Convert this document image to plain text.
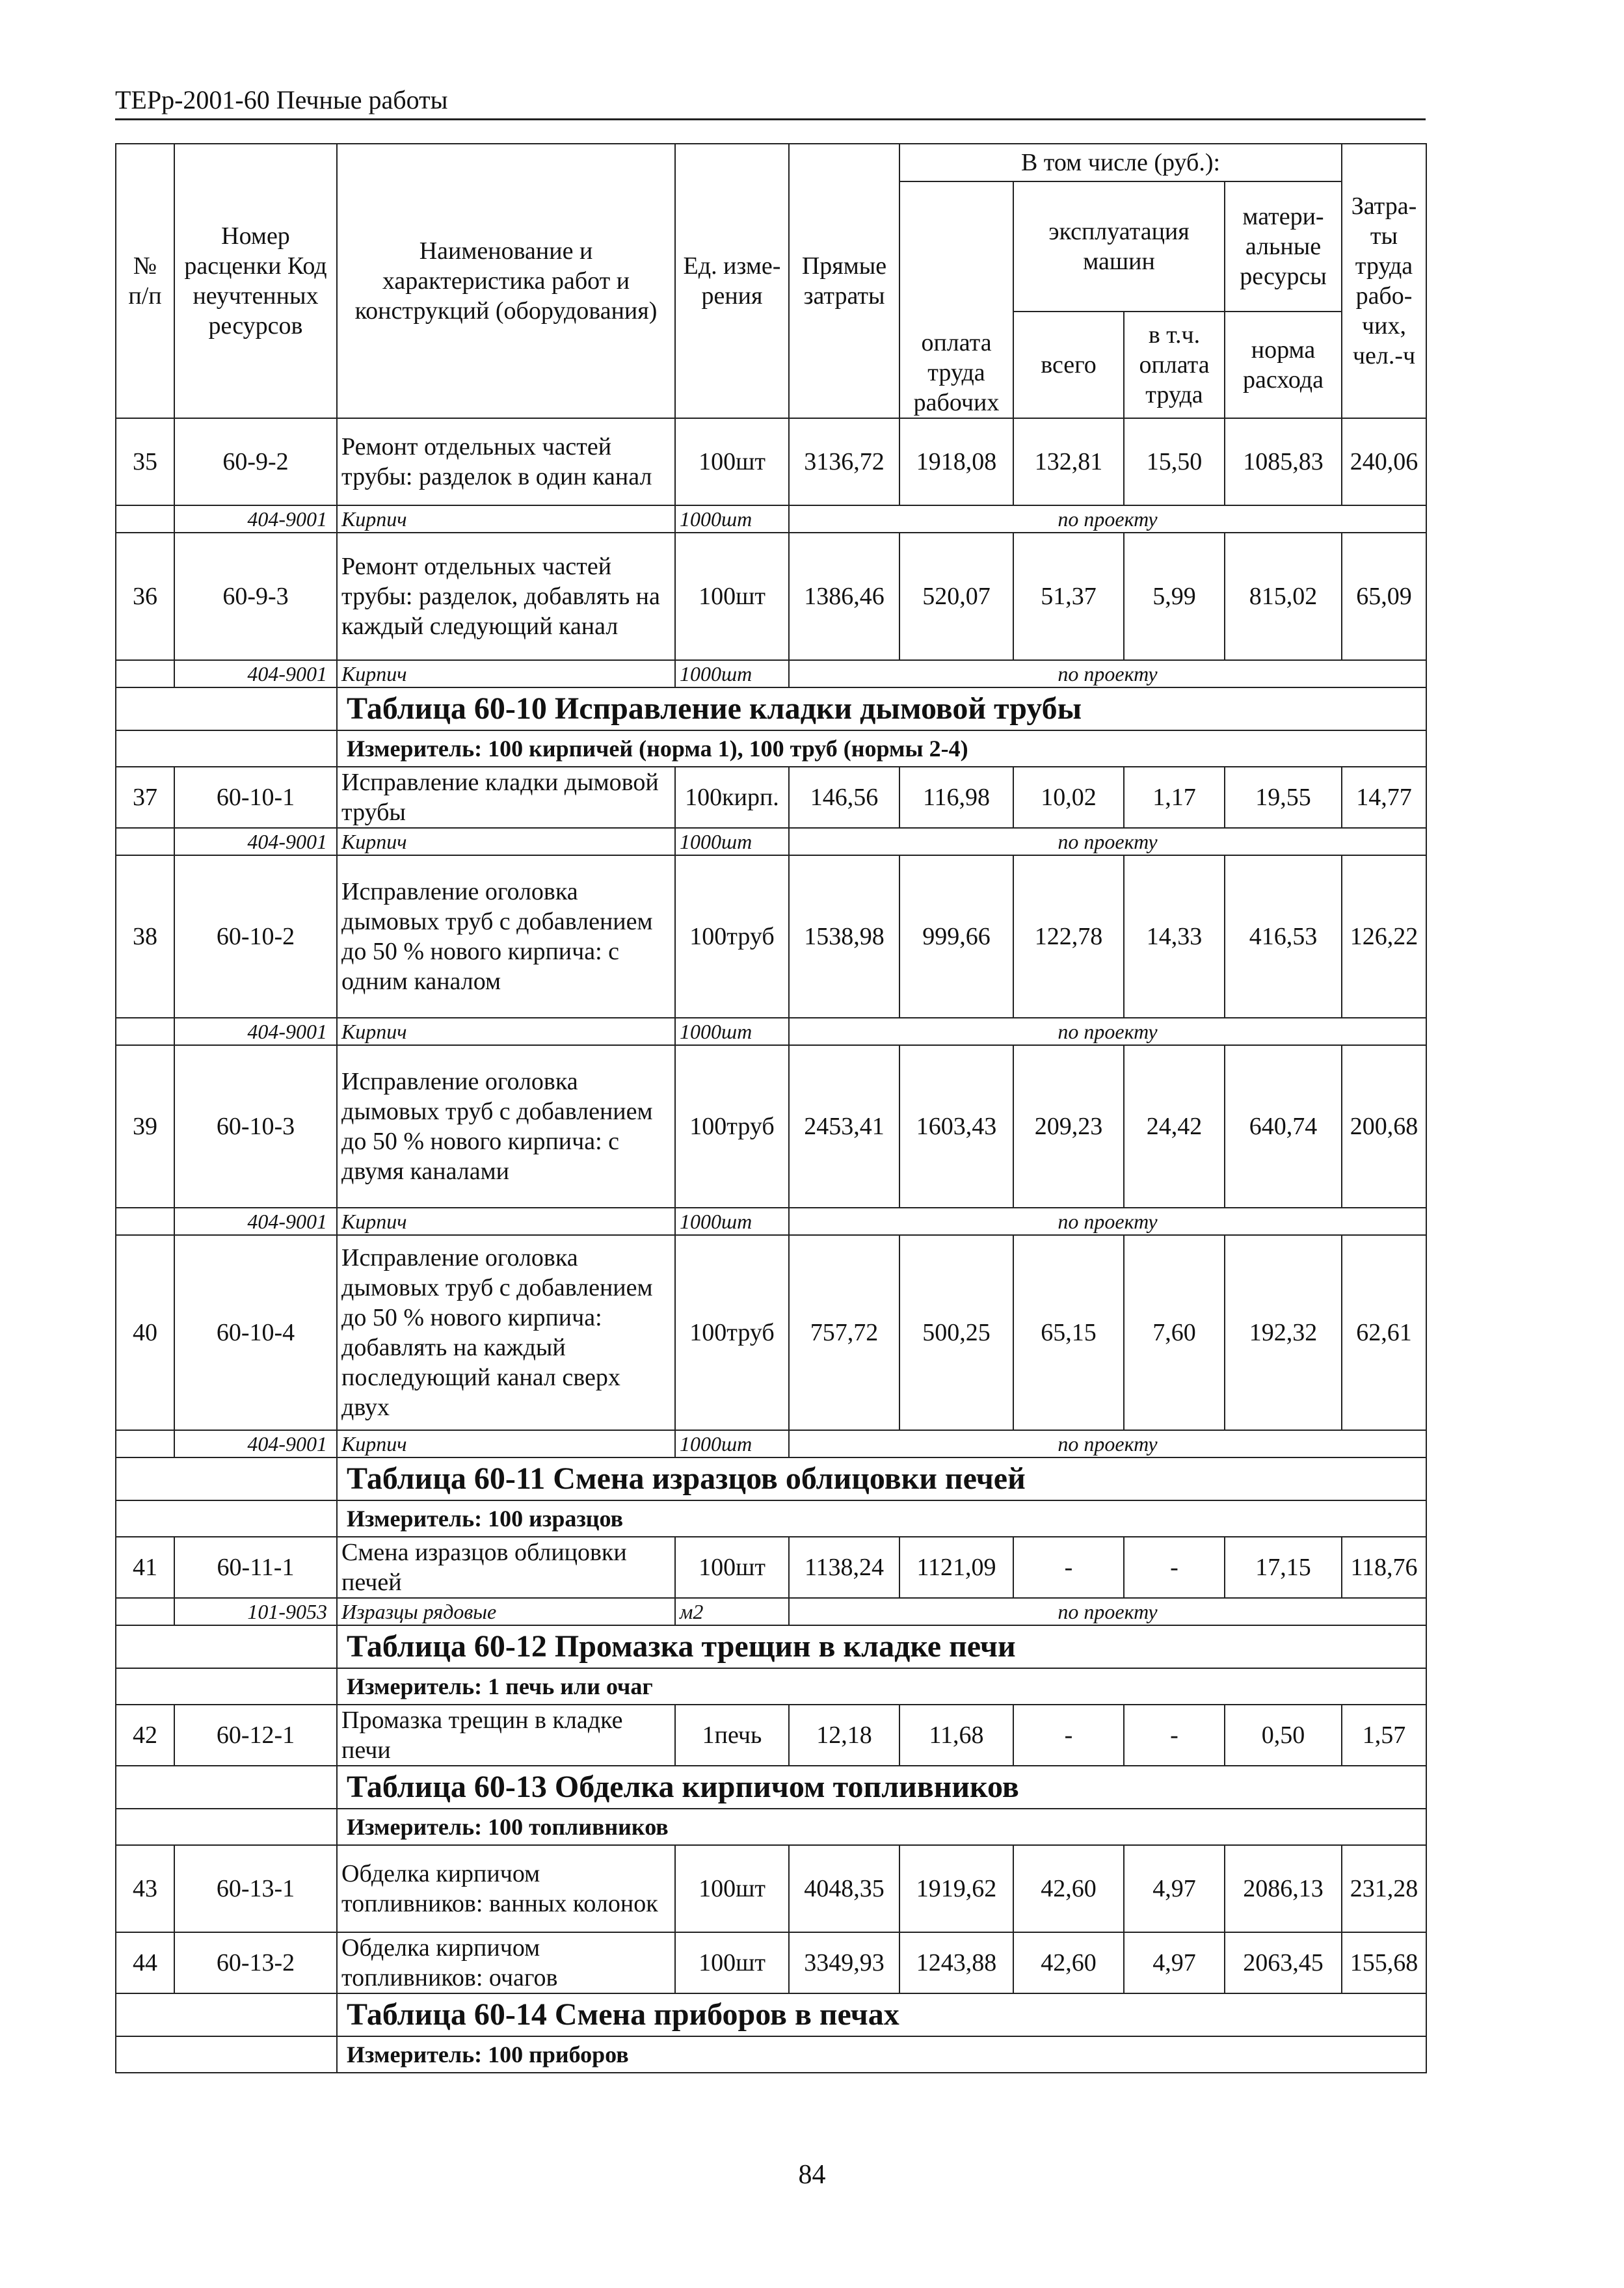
ТЕРр-2001-60 Печные работы
№ п/п	Номер расценки Код неучтенных ресурсов	Наименование и характеристика работ и конструкций (оборудования)	Ед. изме-рения	Прямые затраты	В том числе (руб.):				Затра-ты труда рабо-чих, чел.-ч
					оплата труда рабочих	эксплуатация машин		матери-альные ресурсы	
						всего	в т.ч. оплата труда	норма расхода	

35	60-9-2	Ремонт отдельных частей трубы: разделок в один канал	100шт	3136,72	1918,08	132,81	15,50	1085,83	240,06
	404-9001	Кирпич	1000шт	по проекту					
36	60-9-3	Ремонт отдельных частей трубы: разделок, добавлять на каждый следующий канал	100шт	1386,46	520,07	51,37	5,99	815,02	65,09
	404-9001	Кирпич	1000шт	по проекту					
		Таблица 60-10 Исправление кладки дымовой трубы							
		Измеритель: 100 кирпичей (норма 1), 100 труб (нормы 2-4)							
37	60-10-1	Исправление кладки дымовой трубы	100кирп.	146,56	116,98	10,02	1,17	19,55	14,77
	404-9001	Кирпич	1000шт	по проекту					
38	60-10-2	Исправление оголовка дымовых труб с добавлением до 50 % нового кирпича: с одним каналом	100труб	1538,98	999,66	122,78	14,33	416,53	126,22
	404-9001	Кирпич	1000шт	по проекту					
39	60-10-3	Исправление оголовка дымовых труб с добавлением до 50 % нового кирпича: с двумя каналами	100труб	2453,41	1603,43	209,23	24,42	640,74	200,68
	404-9001	Кирпич	1000шт	по проекту					
40	60-10-4	Исправление оголовка дымовых труб с добавлением до 50 % нового кирпича: добавлять на каждый последующий канал сверх двух	100труб	757,72	500,25	65,15	7,60	192,32	62,61
	404-9001	Кирпич	1000шт	по проекту					
		Таблица 60-11 Смена изразцов облицовки печей							
		Измеритель: 100 изразцов							
41	60-11-1	Смена изразцов облицовки печей	100шт	1138,24	1121,09	-	-	17,15	118,76
	101-9053	Изразцы рядовые	м2	по проекту					
		Таблица 60-12 Промазка трещин в кладке печи							
		Измеритель: 1 печь или очаг							
42	60-12-1	Промазка трещин в кладке печи	1печь	12,18	11,68	-	-	0,50	1,57
		Таблица 60-13 Обделка кирпичом топливников							
		Измеритель: 100 топливников							
43	60-13-1	Обделка кирпичом топливников: ванных колонок	100шт	4048,35	1919,62	42,60	4,97	2086,13	231,28
44	60-13-2	Обделка кирпичом топливников: очагов	100шт	3349,93	1243,88	42,60	4,97	2063,45	155,68
		Таблица 60-14 Смена приборов в печах							
		Измеритель: 100 приборов							
84
